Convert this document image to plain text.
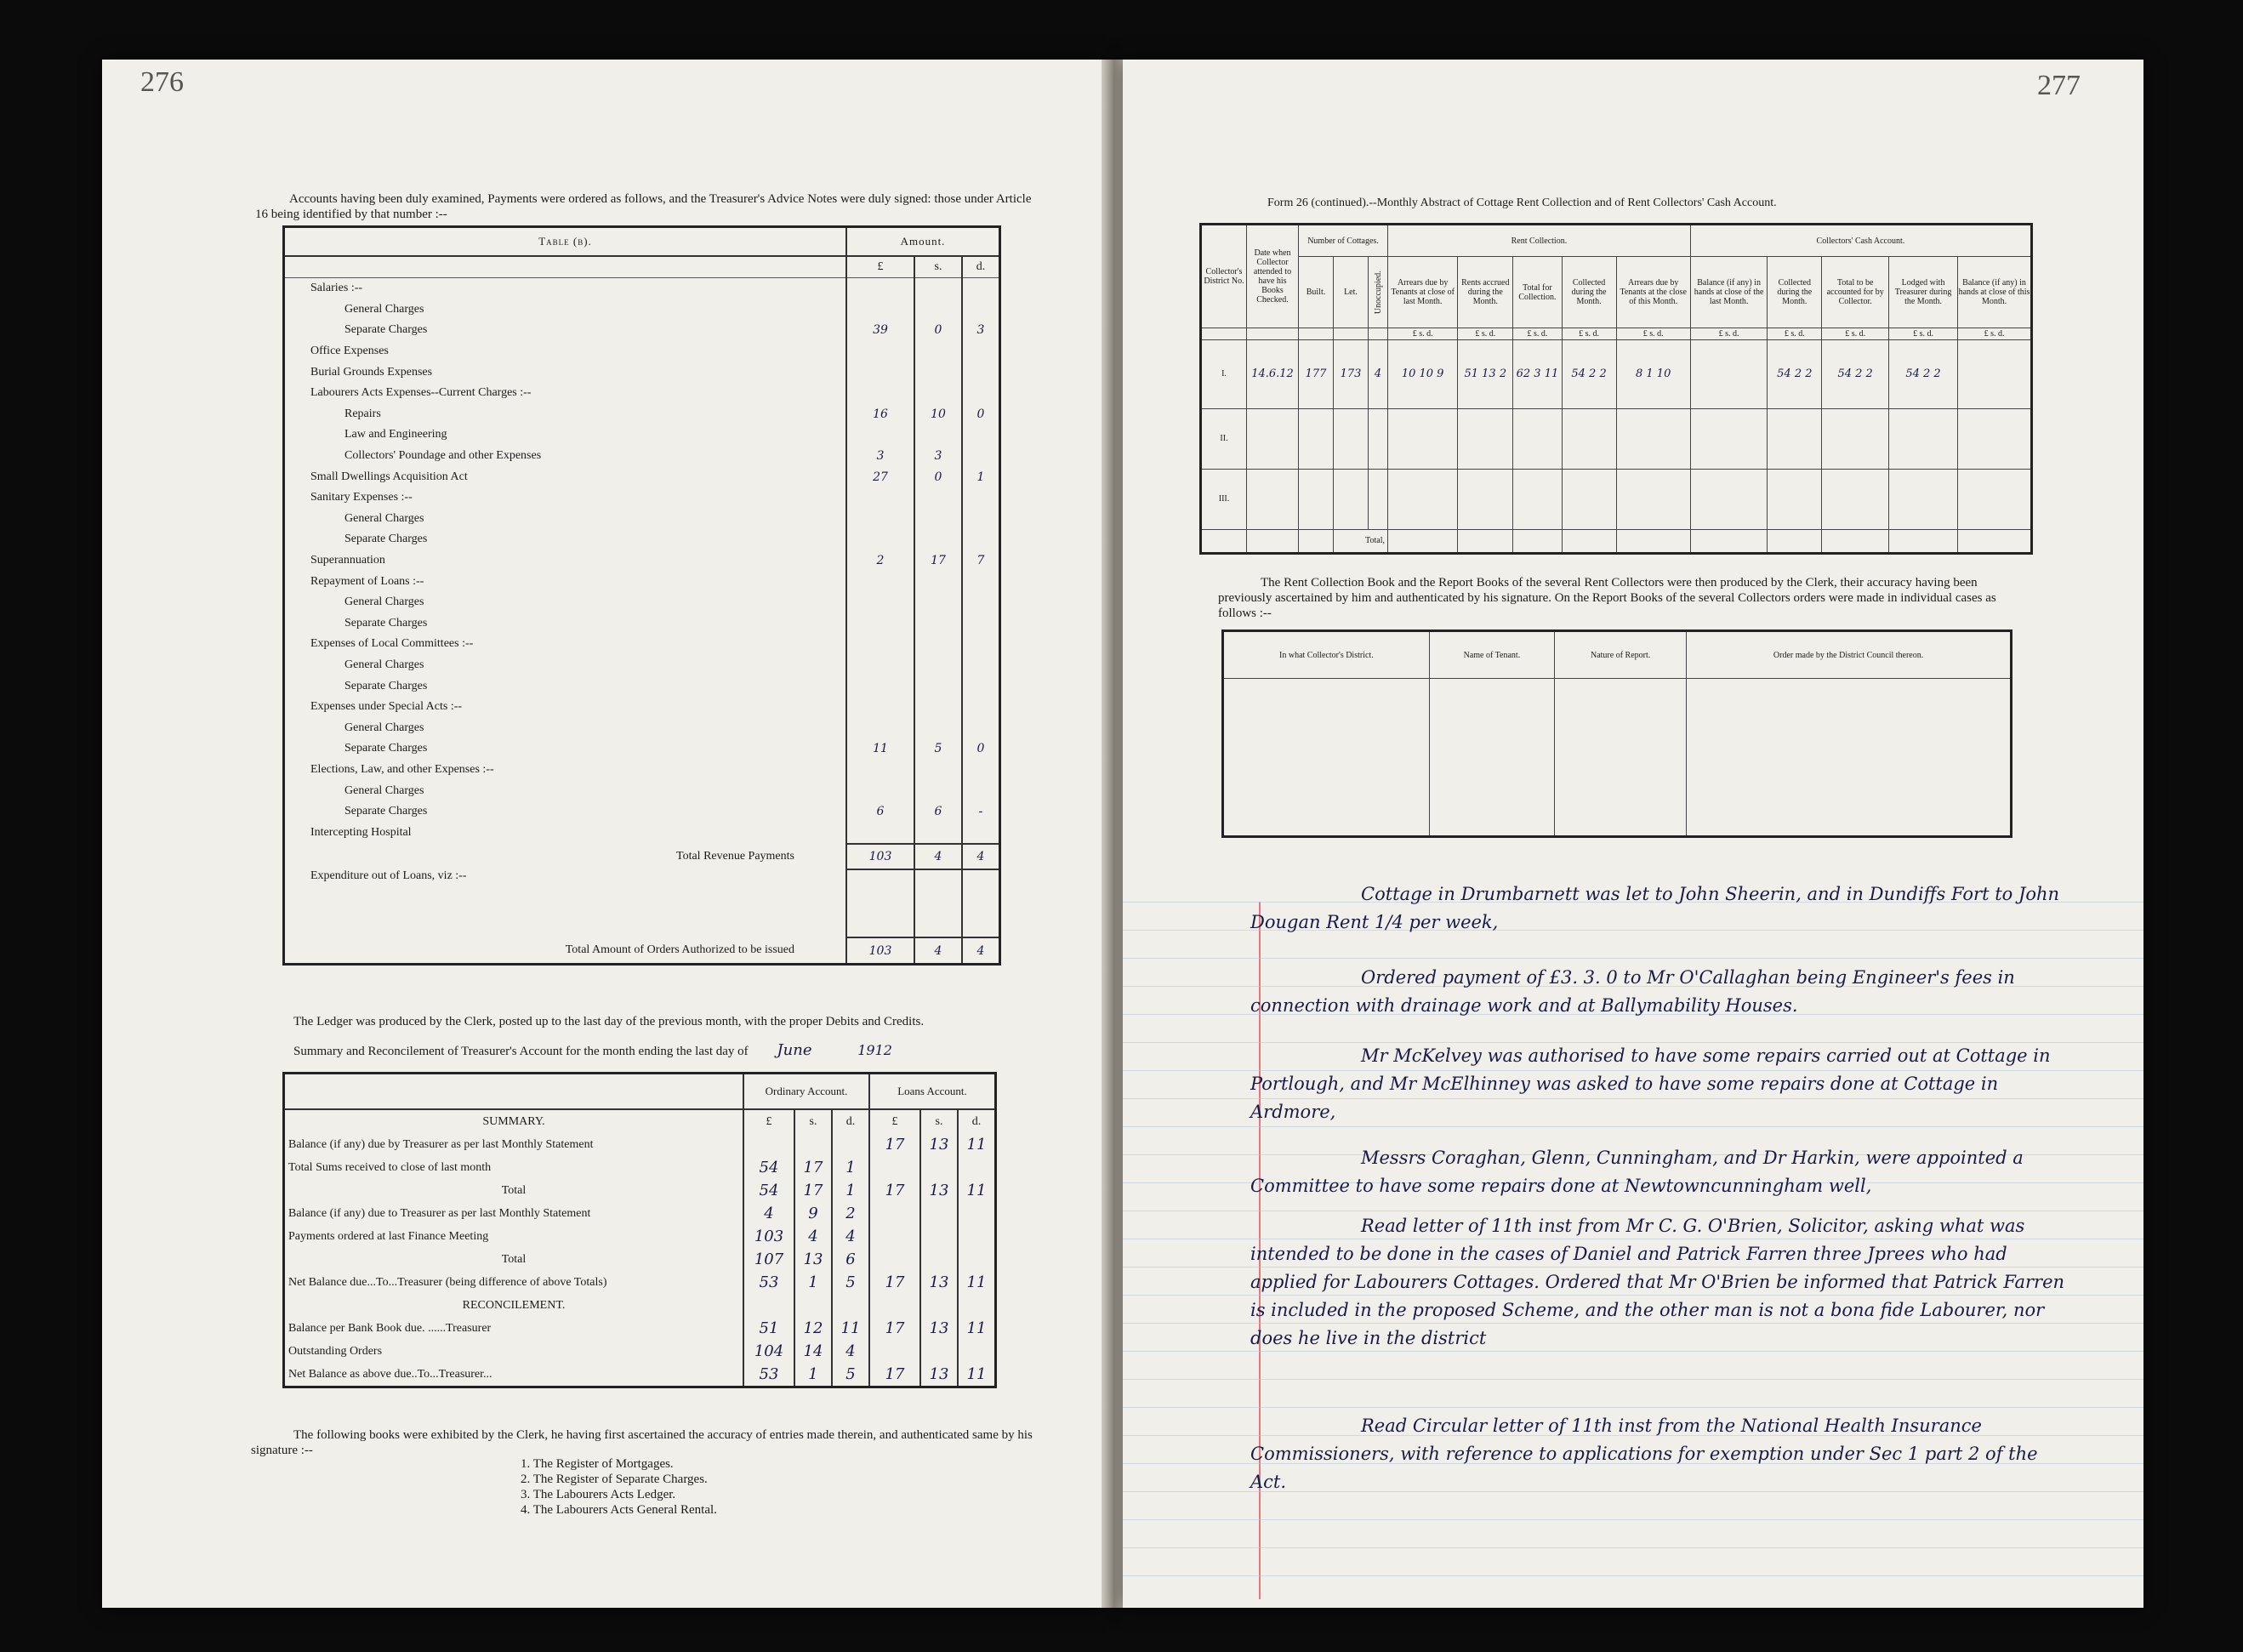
276
Accounts having been duly examined, Payments were ordered as follows, and the Treasurer's Advice Notes were duly signed: those under Article 16 being identified by that number :--
Table (b).	Amount.		
	£	s.	d.
Salaries :--			
General Charges			
Separate Charges	39	0	3
Office Expenses			
Burial Grounds Expenses			
Labourers Acts Expenses--Current Charges :--			
Repairs	16	10	0
Law and Engineering			
Collectors' Poundage and other Expenses	3	3	
Small Dwellings Acquisition Act	27	0	1
Sanitary Expenses :--			
General Charges			
Separate Charges			
Superannuation	2	17	7
Repayment of Loans :--			
General Charges			
Separate Charges			
Expenses of Local Committees :--			
General Charges			
Separate Charges			
Expenses under Special Acts :--			
General Charges			
Separate Charges	11	5	0
Elections, Law, and other Expenses :--			
General Charges			
Separate Charges	6	6	-
Intercepting Hospital			
Total Revenue Payments	103	4	4
Expenditure out of Loans, viz :--			
Total Amount of Orders Authorized to be issued	103	4	4
The Ledger was produced by the Clerk, posted up to the last day of the previous month, with the proper Debits and Credits.
Summary and Reconcilement of Treasurer's Account for the month ending the last day of June	1912
	Ordinary Account.			Loans Account.		
SUMMARY.	£	s.	d.	£	s.	d.
Balance (if any) due by Treasurer as per last Monthly Statement				17	13	11
Total Sums received to close of last month	54	17	1			
Total	54	17	1	17	13	11
Balance (if any) due to Treasurer as per last Monthly Statement	4	9	2			
Payments ordered at last Finance Meeting	103	4	4			
Total	107	13	6			
Net Balance due...To...Treasurer (being difference of above Totals)	53	1	5	17	13	11
RECONCILEMENT.						
Balance per Bank Book due. ......Treasurer	51	12	11	17	13	11
Outstanding Orders	104	14	4			
Net Balance as above due..To...Treasurer...	53	1	5	17	13	11
The following books were exhibited by the Clerk, he having first ascertained the accuracy of entries made therein, and authenticated same by his signature :--
1. The Register of Mortgages.
2. The Register of Separate Charges.
3. The Labourers Acts Ledger.
4. The Labourers Acts General Rental.
277
Form 26 (continued).--Monthly Abstract of Cottage Rent Collection and of Rent Collectors' Cash Account.
Collector's District No.	Date when Collector attended to have his Books Checked.	Number of Cottages.			Rent Collection.					Collectors' Cash Account.				
		Built.	Let.	Unoccupied.	Arrears due by Tenants at close of last Month.	Rents accrued during the Month.	Total for Collection.	Collected during the Month.	Arrears due by Tenants at the close of this Month.	Balance (if any) in hands at close of the last Month.	Collected during the Month.	Total to be accounted for by Collector.	Lodged with Treasurer during the Month.	Balance (if any) in hands at close of this Month.
					£ s. d.	£ s. d.	£ s. d.	£ s. d.	£ s. d.	£ s. d.	£ s. d.	£ s. d.	£ s. d.	£ s. d.
I.	14.6.12	177	173	4	10 10 9	51 13 2	62 3 11	54 2 2	8 1 10		54 2 2	54 2 2	54 2 2	
II.														
III.														
			Total,											
The Rent Collection Book and the Report Books of the several Rent Collectors were then produced by the Clerk, their accuracy having been previously ascertained by him and authenticated by his signature. On the Report Books of the several Collectors orders were made in individual cases as follows :--
In what Collector's District.	Name of Tenant.	Nature of Report.	Order made by the District Council thereon.

Cottage in Drumbarnett was let to John Sheerin, and in Dundiffs Fort to John Dougan Rent 1/4 per week,
Ordered payment of £3. 3. 0 to Mr O'Callaghan being Engineer's fees in connection with drainage work and at Ballymability Houses.
Mr McKelvey was authorised to have some repairs carried out at Cottage in Portlough, and Mr McElhinney was asked to have some repairs done at Cottage in Ardmore,
Messrs Coraghan, Glenn, Cunningham, and Dr Harkin, were appointed a Committee to have some repairs done at Newtowncunningham well,
Read letter of 11th inst from Mr C. G. O'Brien, Solicitor, asking what was intended to be done in the cases of Daniel and Patrick Farren three Jprees who had applied for Labourers Cottages. Ordered that Mr O'Brien be informed that Patrick Farren is included in the proposed Scheme, and the other man is not a bona fide Labourer, nor does he live in the district
Read Circular letter of 11th inst from the National Health Insurance Commissioners, with reference to applications for exemption under Sec 1 part 2 of the Act.
